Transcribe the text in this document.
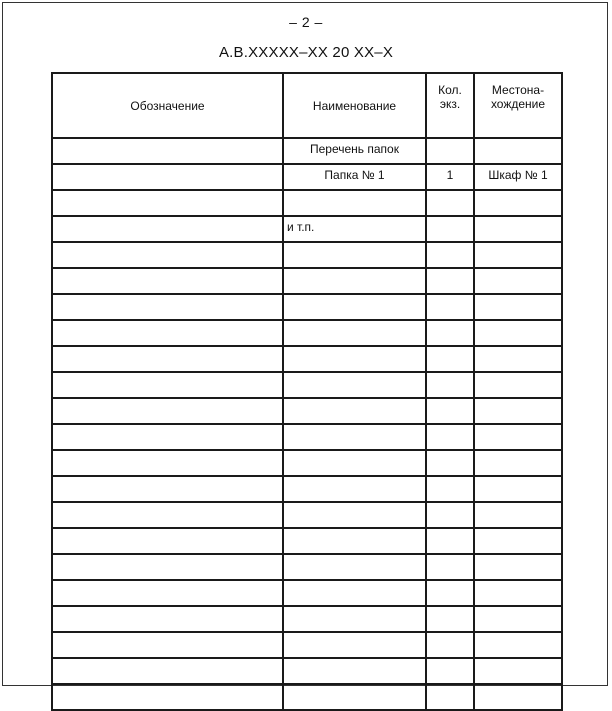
– 2 –
А.В.XXXXX–XX 20 XX–X
Обозначение	Наименование	Кол. экз.	Местона-
хождение
	Перечень папок		
	Папка № 1	1	Шкаф № 1

	и т.п.		
